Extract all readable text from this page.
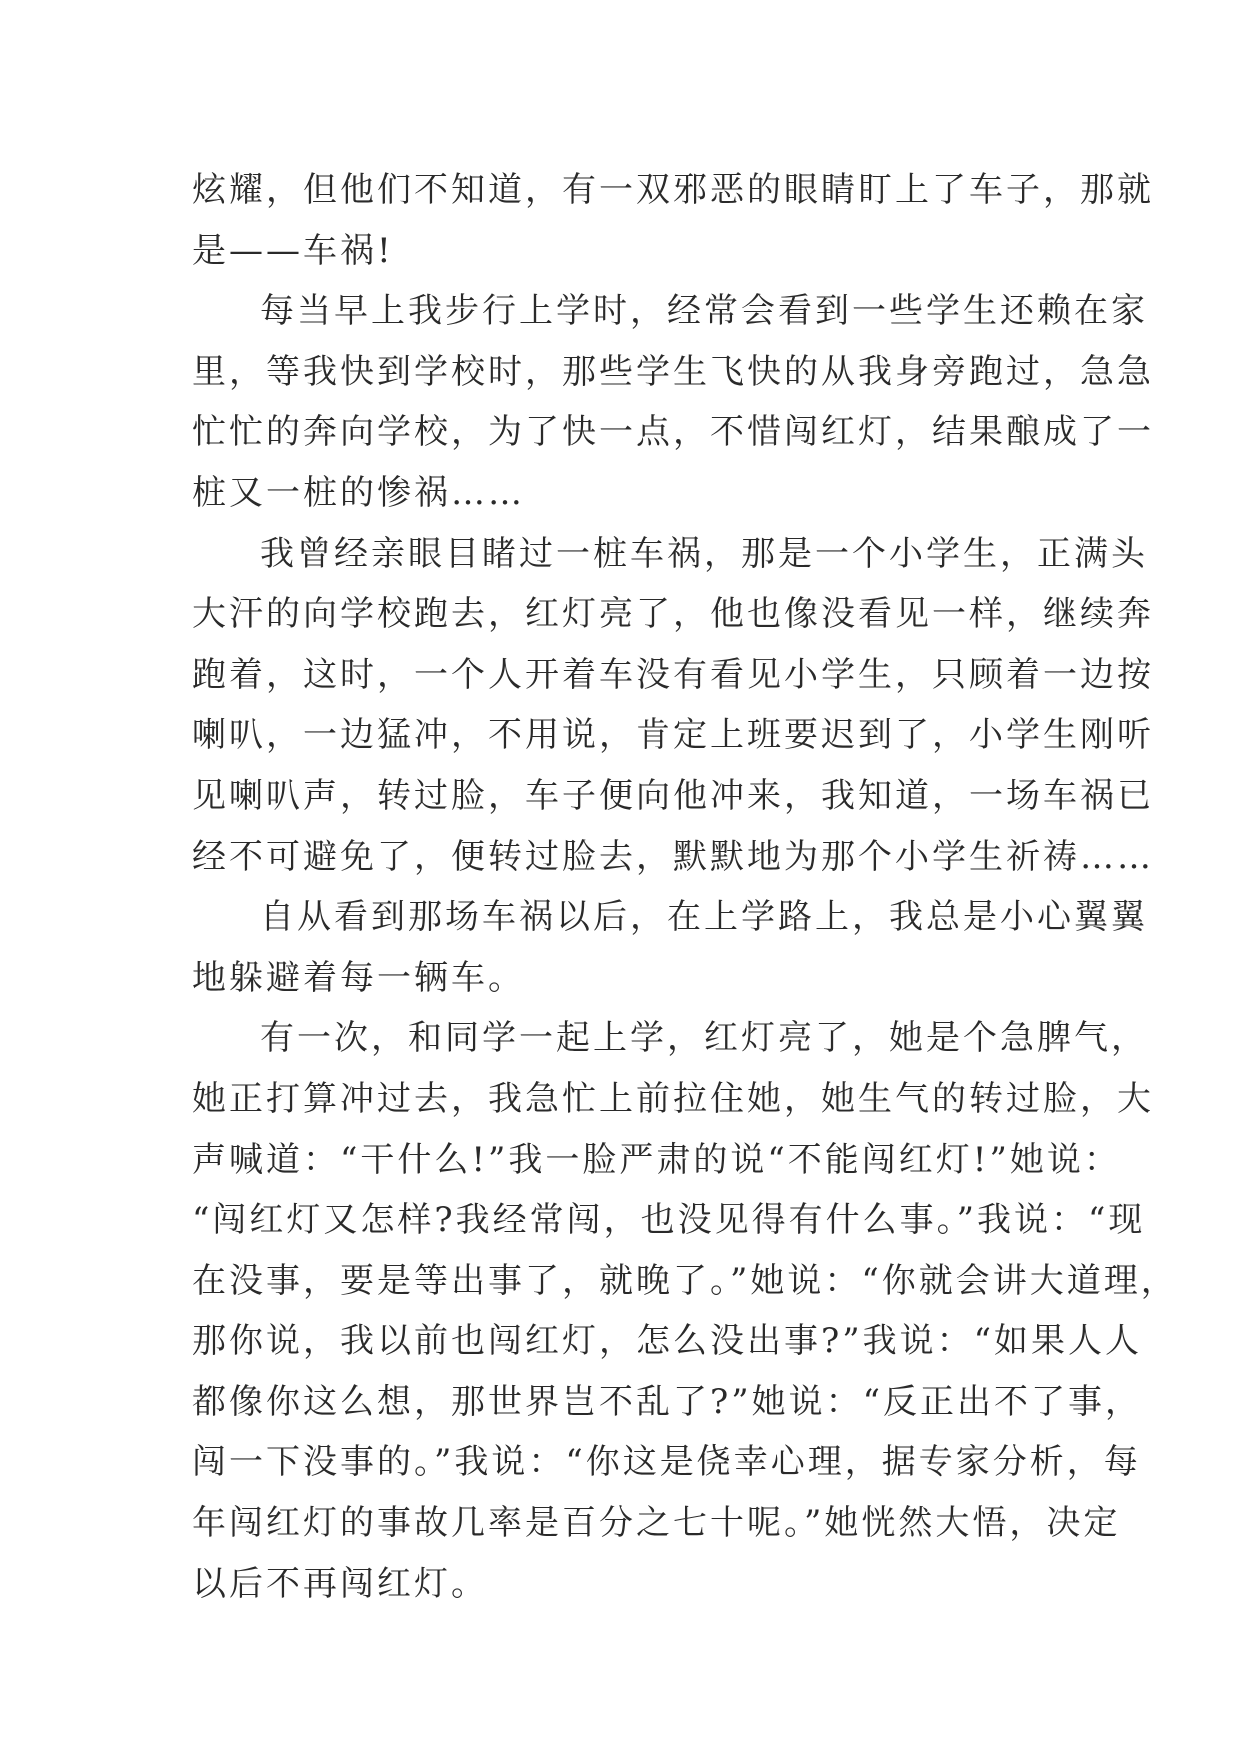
炫耀，但他们不知道，有一双邪恶的眼睛盯上了车子，那就
是——车祸!
每当早上我步行上学时，经常会看到一些学生还赖在家
里，等我快到学校时，那些学生飞快的从我身旁跑过，急急
忙忙的奔向学校，为了快一点，不惜闯红灯，结果酿成了一
桩又一桩的惨祸……
我曾经亲眼目睹过一桩车祸，那是一个小学生，正满头
大汗的向学校跑去，红灯亮了，他也像没看见一样，继续奔
跑着，这时，一个人开着车没有看见小学生，只顾着一边按
喇叭，一边猛冲，不用说，肯定上班要迟到了，小学生刚听
见喇叭声，转过脸，车子便向他冲来，我知道，一场车祸已
经不可避免了，便转过脸去，默默地为那个小学生祈祷……
自从看到那场车祸以后，在上学路上，我总是小心翼翼
地躲避着每一辆车。
有一次，和同学一起上学，红灯亮了，她是个急脾气，
她正打算冲过去，我急忙上前拉住她，她生气的转过脸，大
声喊道：“干什么!”我一脸严肃的说“不能闯红灯!”她说：
“闯红灯又怎样?我经常闯，也没见得有什么事。”我说：“现
在没事，要是等出事了，就晚了。”她说：“你就会讲大道理，
那你说，我以前也闯红灯，怎么没出事?”我说：“如果人人
都像你这么想，那世界岂不乱了?”她说：“反正出不了事，
闯一下没事的。”我说：“你这是侥幸心理，据专家分析，每
年闯红灯的事故几率是百分之七十呢。”她恍然大悟，决定
以后不再闯红灯。
